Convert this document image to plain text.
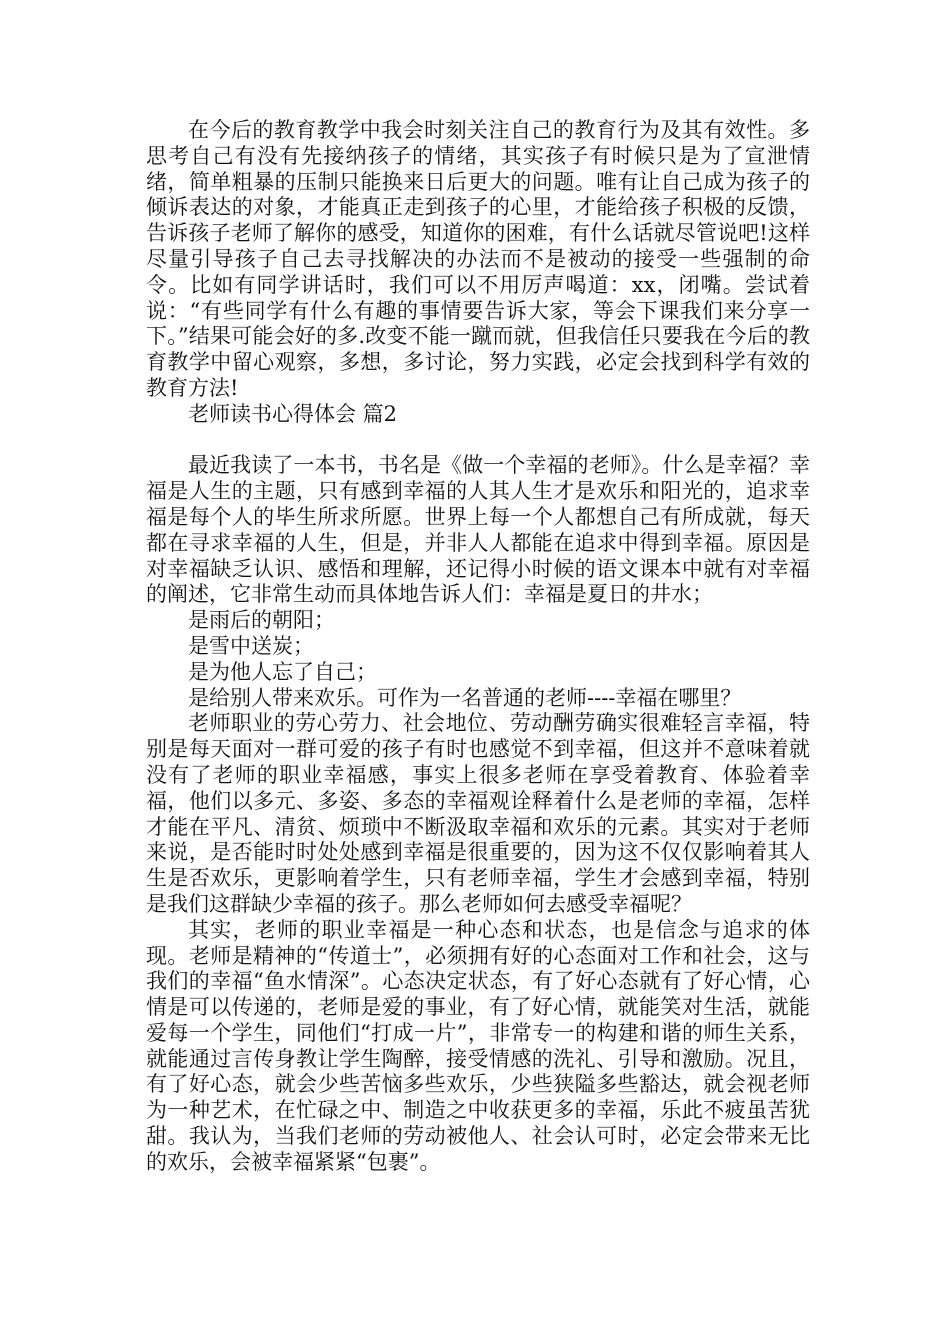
在今后的教育教学中我会时刻关注自己的教育行为及其有效性。多思考自己有没有先接纳孩子的情绪，其实孩子有时候只是为了宣泄情绪，简单粗暴的压制只能换来日后更大的问题。唯有让自己成为孩子的倾诉表达的对象，才能真正走到孩子的心里，才能给孩子积极的反馈，告诉孩子老师了解你的感受，知道你的困难，有什么话就尽管说吧!这样尽量引导孩子自己去寻找解决的办法而不是被动的接受一些强制的命令。比如有同学讲话时，我们可以不用厉声喝道：xx，闭嘴。尝试着说：“有些同学有什么有趣的事情要告诉大家，等会下课我们来分享一下。”结果可能会好的多.改变不能一蹴而就，但我信任只要我在今后的教育教学中留心观察，多想，多讨论，努力实践，必定会找到科学有效的教育方法!

老师读书心得体会 篇2

最近我读了一本书，书名是《做一个幸福的老师》。什么是幸福？幸福是人生的主题，只有感到幸福的人其人生才是欢乐和阳光的，追求幸福是每个人的毕生所求所愿。世界上每一个人都想自己有所成就，每天都在寻求幸福的人生，但是，并非人人都能在追求中得到幸福。原因是对幸福缺乏认识、感悟和理解，还记得小时候的语文课本中就有对幸福的阐述，它非常生动而具体地告诉人们：幸福是夏日的井水；

是雨后的朝阳；

是雪中送炭；

是为他人忘了自己；

是给别人带来欢乐。可作为一名普通的老师----幸福在哪里？

老师职业的劳心劳力、社会地位、劳动酬劳确实很难轻言幸福，特别是每天面对一群可爱的孩子有时也感觉不到幸福，但这并不意味着就没有了老师的职业幸福感，事实上很多老师在享受着教育、体验着幸福，他们以多元、多姿、多态的幸福观诠释着什么是老师的幸福，怎样才能在平凡、清贫、烦琐中不断汲取幸福和欢乐的元素。其实对于老师来说，是否能时时处处感到幸福是很重要的，因为这不仅仅影响着其人生是否欢乐，更影响着学生，只有老师幸福，学生才会感到幸福，特别是我们这群缺少幸福的孩子。那么老师如何去感受幸福呢？

其实，老师的职业幸福是一种心态和状态，也是信念与追求的体现。老师是精神的“传道士”，必须拥有好的心态面对工作和社会，这与我们的幸福“鱼水情深”。心态决定状态，有了好心态就有了好心情，心情是可以传递的，老师是爱的事业，有了好心情，就能笑对生活，就能爱每一个学生，同他们“打成一片”，非常专一的构建和谐的师生关系，就能通过言传身教让学生陶醉，接受情感的洗礼、引导和激励。况且，有了好心态，就会少些苦恼多些欢乐，少些狭隘多些豁达，就会视老师为一种艺术，在忙碌之中、制造之中收获更多的幸福，乐此不疲虽苦犹甜。我认为，当我们老师的劳动被他人、社会认可时，必定会带来无比的欢乐，会被幸福紧紧“包裹”。
